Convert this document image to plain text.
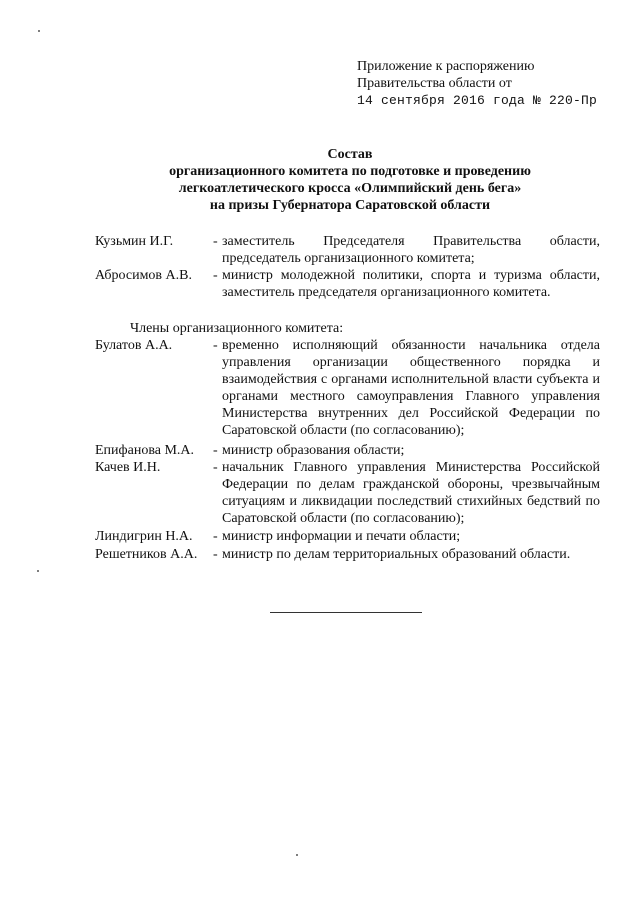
Приложение к распоряжению
Правительства области от
14 сентября 2016 года № 220-Пр
Состав
организационного комитета по подготовке и проведению
легкоатлетического кросса «Олимпийский день бега»
на призы Губернатора Саратовской области
Кузьмин И.Г.	- заместитель Председателя Правительства области, председатель организационного комитета;
Абросимов А.В. - министр молодежной политики, спорта и туризма области, заместитель председателя организационного комитета.
Члены организационного комитета:
Булатов А.А.	- временно исполняющий обязанности начальника отдела управления организации общественного порядка и взаимодействия с органами исполнительной власти субъекта и органами местного самоуправления Главного управления Министерства внутренних дел Российской Федерации по Саратовской области (по согласованию);
Епифанова М.А. - министр образования области;
Качев И.Н.	- начальник Главного управления Министерства Российской Федерации по делам гражданской обороны, чрезвычайным ситуациям и ликвидации последствий стихийных бедствий по Саратовской области (по согласованию);
Линдигрин Н.А. - министр информации и печати области;
Решетников А.А. - министр по делам территориальных образований области.
